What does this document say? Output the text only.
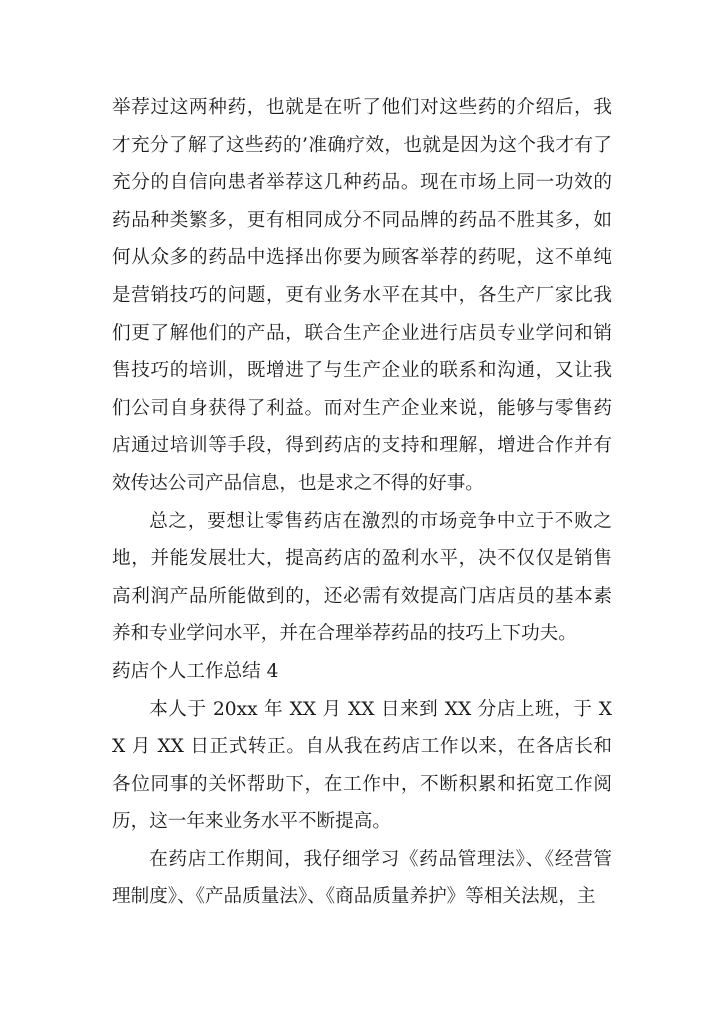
举荐过这两种药，也就是在听了他们对这些药的介绍后，我才充分了解了这些药的’准确疗效，也就是因为这个我才有了充分的自信向患者举荐这几种药品。现在市场上同一功效的药品种类繁多，更有相同成分不同品牌的药品不胜其多，如何从众多的药品中选择出你要为顾客举荐的药呢，这不单纯是营销技巧的问题，更有业务水平在其中，各生产厂家比我们更了解他们的产品，联合生产企业进行店员专业学问和销售技巧的培训，既增进了与生产企业的联系和沟通，又让我们公司自身获得了利益。而对生产企业来说，能够与零售药店通过培训等手段，得到药店的支持和理解，增进合作并有效传达公司产品信息，也是求之不得的好事。

总之，要想让零售药店在激烈的市场竞争中立于不败之地，并能发展壮大，提高药店的盈利水平，决不仅仅是销售高利润产品所能做到的，还必需有效提高门店店员的基本素养和专业学问水平，并在合理举荐药品的技巧上下功夫。

药店个人工作总结 4

本人于 20xx 年 XX 月 XX 日来到 XX 分店上班，于 XX 月 XX 日正式转正。自从我在药店工作以来，在各店长和各位同事的关怀帮助下，在工作中，不断积累和拓宽工作阅历，这一年来业务水平不断提高。

在药店工作期间，我仔细学习《药品管理法》、《经营管理制度》、《产品质量法》、《商品质量养护》等相关法规，主
